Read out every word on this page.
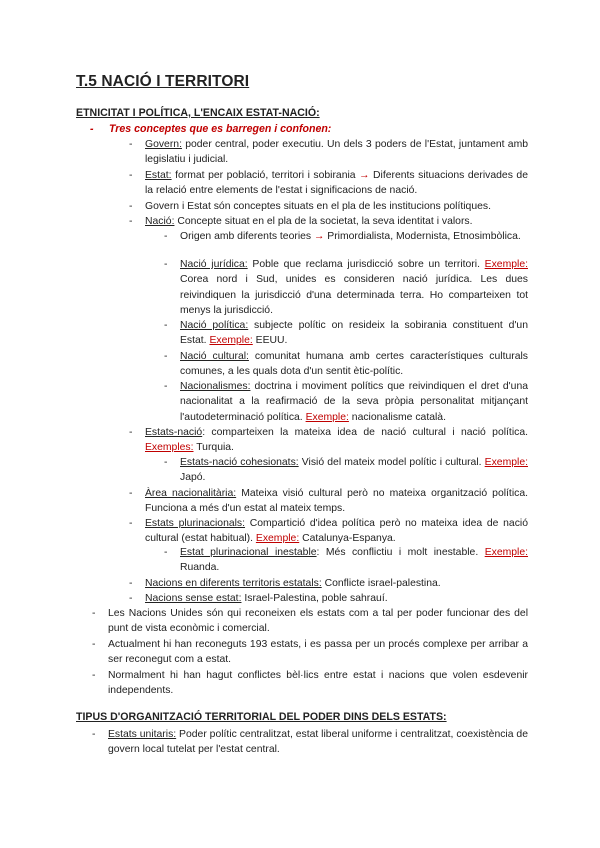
T.5 NACIÓ I TERRITORI
ETNICITAT I POLÍTICA, L'ENCAIX ESTAT-NACIÓ:
- Tres conceptes que es barregen i confonen:
- Govern: poder central, poder executiu. Un dels 3 poders de l'Estat, juntament amb legislatiu i judicial.
- Estat: format per població, territori i sobirania → Diferents situacions derivades de la relació entre elements de l'estat i significacions de nació.
- Govern i Estat són conceptes situats en el pla de les institucions polítiques.
- Nació: Concepte situat en el pla de la societat, la seva identitat i valors.
- Origen amb diferents teories → Primordialista, Modernista, Etnosimbòlica.
- Nació jurídica: Poble que reclama jurisdicció sobre un territori. Exemple: Corea nord i Sud, unides es consideren nació jurídica. Les dues reivindiquen la jurisdicció d'una determinada terra. Ho comparteixen tot menys la jurisdicció.
- Nació política: subjecte polític on resideix la sobirania constituent d'un Estat. Exemple: EEUU.
- Nació cultural: comunitat humana amb certes característiques culturals comunes, a les quals dota d'un sentit ètic-polític.
- Nacionalismes: doctrina i moviment polítics que reivindiquen el dret d'una nacionalitat a la reafirmació de la seva pròpia personalitat mitjançant l'autodeterminació política. Exemple: nacionalisme català.
- Estats-nació: comparteixen la mateixa idea de nació cultural i nació política. Exemples: Turquia.
- Estats-nació cohesionats: Visió del mateix model polític i cultural. Exemple: Japó.
- Àrea nacionalitària: Mateixa visió cultural però no mateixa organització política. Funciona a més d'un estat al mateix temps.
- Estats plurinacionals: Compartició d'idea política però no mateixa idea de nació cultural (estat habitual). Exemple: Catalunya-Espanya.
- Estat plurinacional inestable: Més conflictiu i molt inestable. Exemple: Ruanda.
- Nacions en diferents territoris estatals: Conflicte israel-palestina.
- Nacions sense estat: Israel-Palestina, poble sahrauí.
- Les Nacions Unides són qui reconeixen els estats com a tal per poder funcionar des del punt de vista econòmic i comercial.
- Actualment hi han reconeguts 193 estats, i es passa per un procés complexe per arribar a ser reconegut com a estat.
- Normalment hi han hagut conflictes bèl·lics entre estat i nacions que volen esdevenir independents.
TIPUS D'ORGANITZACIÓ TERRITORIAL DEL PODER DINS DELS ESTATS:
- Estats unitaris: Poder polític centralitzat, estat liberal uniforme i centralitzat, coexistència de govern local tutelat per l'estat central.
